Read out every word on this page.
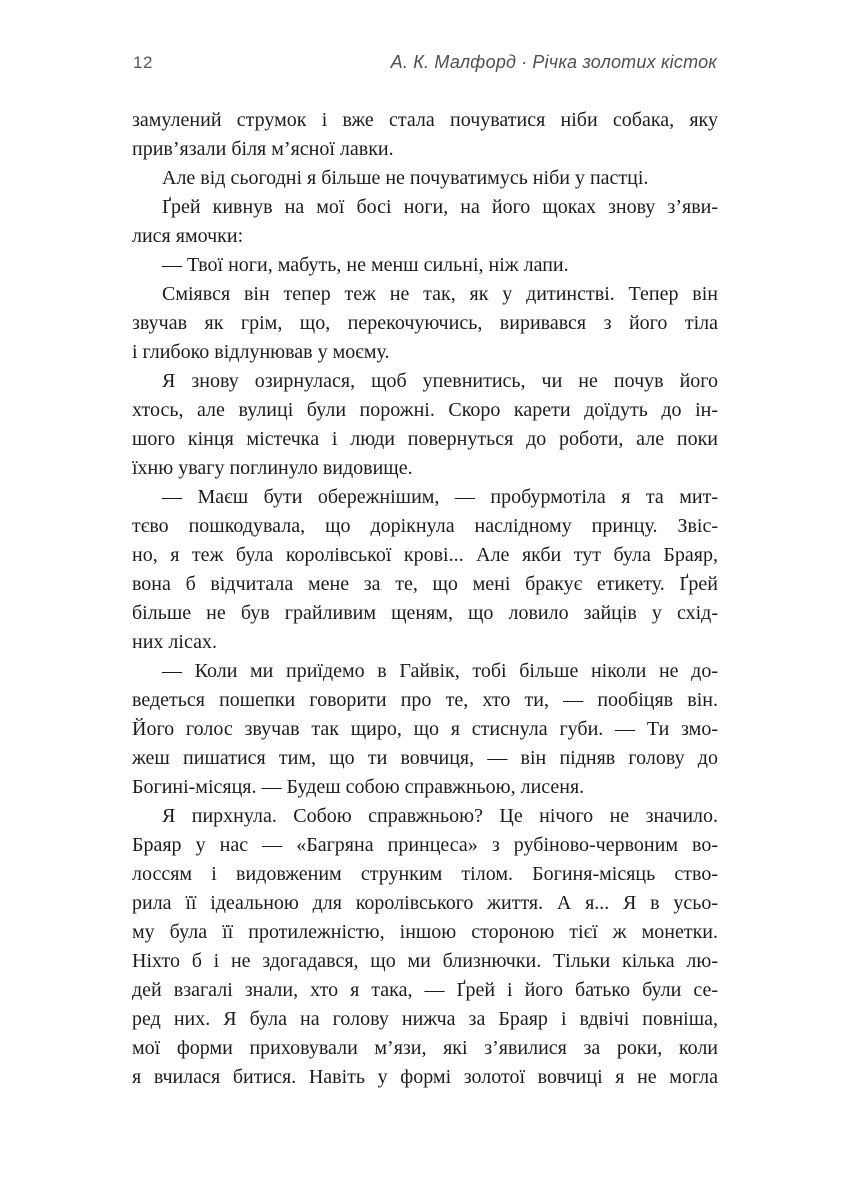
12	А. К. Малфорд · Річка золотих кісток
замулений струмок і вже стала почуватися ніби собака, яку
прив’язали біля м’ясної лавки.
Але від сьогодні я більше не почуватимусь ніби у пастці.
Ґрей кивнув на мої босі ноги, на його щоках знову з’яви-
лися ямочки:
— Твої ноги, мабуть, не менш сильні, ніж лапи.
Сміявся він тепер теж не так, як у дитинстві. Тепер він
звучав як грім, що, перекочуючись, виривався з його тіла
і глибоко відлунював у моєму.
Я знову озирнулася, щоб упевнитись, чи не почув його
хтось, але вулиці були порожні. Скоро карети доїдуть до ін-
шого кінця містечка і люди повернуться до роботи, але поки
їхню увагу поглинуло видовище.
— Маєш бути обережнішим, — пробурмотіла я та мит-
тєво пошкодувала, що дорікнула наслідному принцу. Звіс-
но, я теж була королівської крові... Але якби тут була Браяр,
вона б відчитала мене за те, що мені бракує етикету. Ґрей
більше не був грайливим щеням, що ловило зайців у схід-
них лісах.
— Коли ми приїдемо в Гайвік, тобі більше ніколи не до-
ведеться пошепки говорити про те, хто ти, — пообіцяв він.
Його голос звучав так щиро, що я стиснула губи. — Ти змо-
жеш пишатися тим, що ти вовчиця, — він підняв голову до
Богині-місяця. — Будеш собою справжньою, лисеня.
Я пирхнула. Собою справжньою? Це нічого не значило.
Браяр у нас — «Багряна принцеса» з рубіново-червоним во-
лоссям і видовженим струнким тілом. Богиня-місяць ство-
рила її ідеальною для королівського життя. А я... Я в усьо-
му була її протилежністю, іншою стороною тієї ж монетки.
Ніхто б і не здогадався, що ми близнючки. Тільки кілька лю-
дей взагалі знали, хто я така, — Ґрей і його батько були се-
ред них. Я була на голову нижча за Браяр і вдвічі повніша,
мої форми приховували м’язи, які з’явилися за роки, коли
я вчилася битися. Навіть у формі золотої вовчиці я не могла
